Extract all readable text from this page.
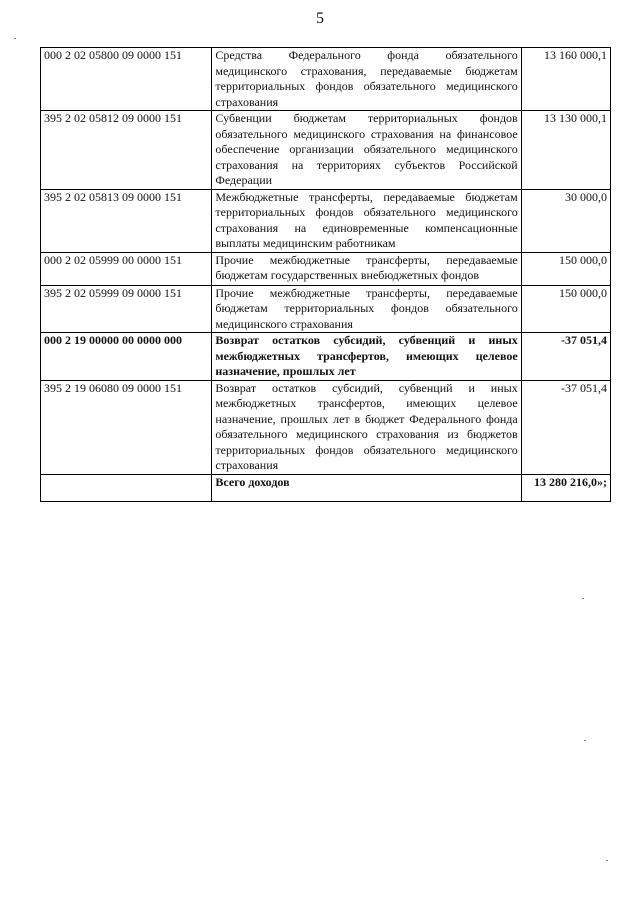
5
000 2 02 05800 09 0000 151	Средства Федерального фонда обязательного медицинского страхования, передаваемые бюджетам территориальных фондов обязательного медицинского страхования	13 160 000,1
395 2 02 05812 09 0000 151	Субвенции бюджетам территориальных фондов обязательного медицинского страхования на финансовое обеспечение организации обязательного медицинского страхования на территориях субъектов Российской Федерации	13 130 000,1
395 2 02 05813 09 0000 151	Межбюджетные трансферты, передаваемые бюджетам территориальных фондов обязательного медицинского страхования на единовременные компенсационные выплаты медицинским работникам	30 000,0
000 2 02 05999 00 0000 151	Прочие межбюджетные трансферты, передаваемые бюджетам государственных внебюджетных фондов	150 000,0
395 2 02 05999 09 0000 151	Прочие межбюджетные трансферты, передаваемые бюджетам территориальных фондов обязательного медицинского страхования	150 000,0
000 2 19 00000 00 0000 000	Возврат остатков субсидий, субвенций и иных межбюджетных трансфертов, имеющих целевое назначение, прошлых лет	-37 051,4
395 2 19 06080 09 0000 151	Возврат остатков субсидий, субвенций и иных межбюджетных трансфертов, имеющих целевое назначение, прошлых лет в бюджет Федерального фонда обязательного медицинского страхования из бюджетов территориальных фондов обязательного медицинского страхования	-37 051,4
	Всего доходов	13 280 216,0»;
